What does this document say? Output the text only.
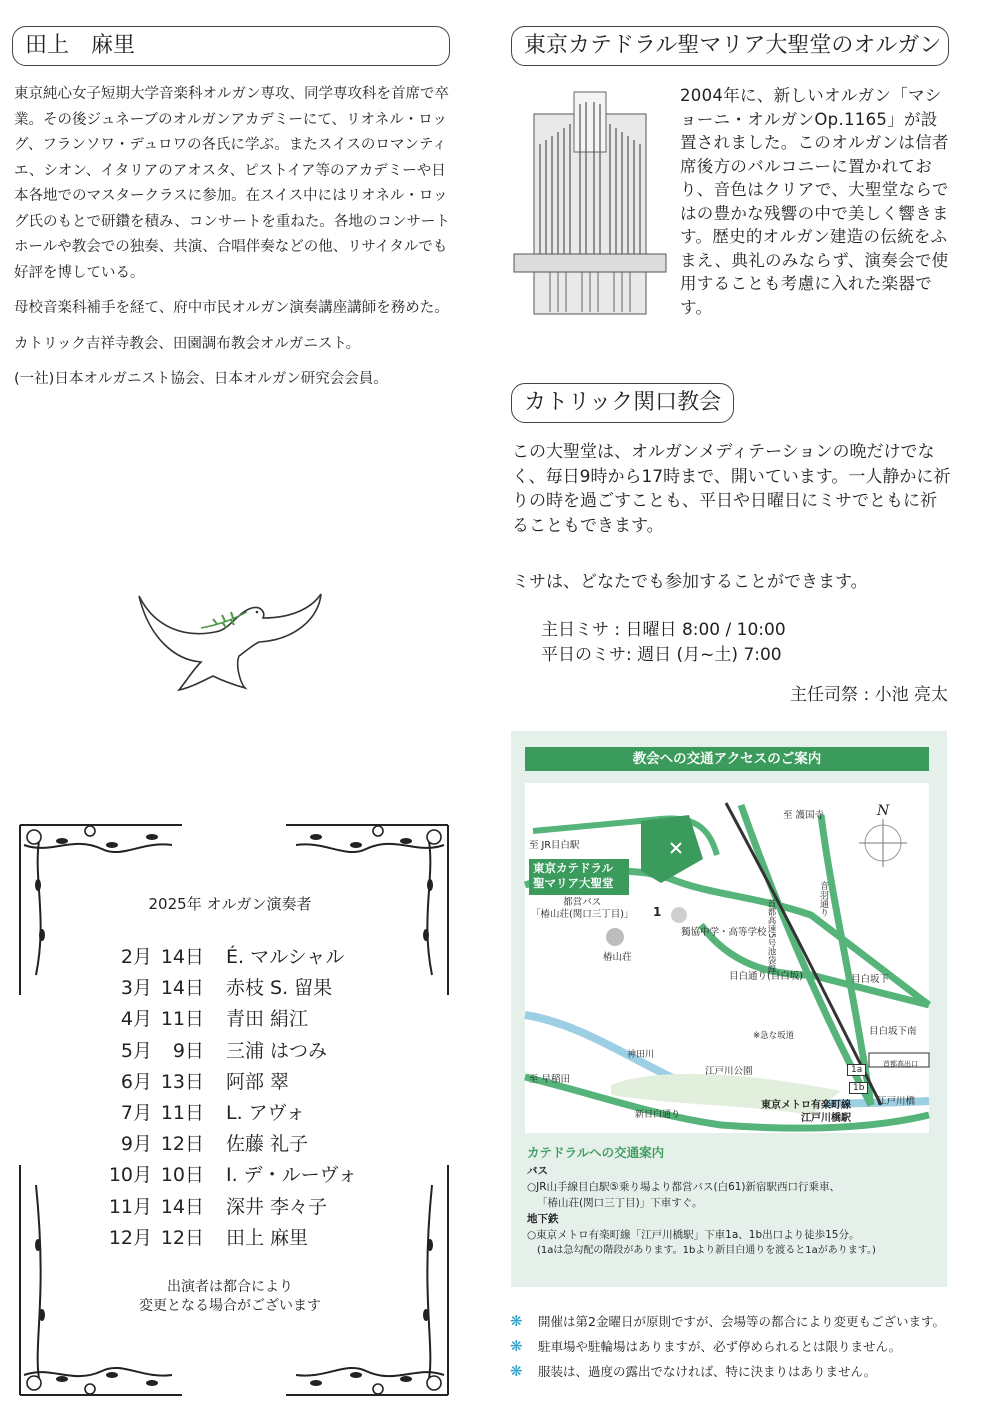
田上　麻里

東京純心女子短期大学音楽科オルガン専攻、同学専攻科を首席で卒業。その後ジュネーブのオルガンアカデミーにて、リオネル・ロッグ、フランソワ・デュロワの各氏に学ぶ。またスイスのロマンティエ、シオン、イタリアのアオスタ、ピストイア等のアカデミーや日本各地でのマスタークラスに参加。在スイス中にはリオネル・ロッグ氏のもとで研鑽を積み、コンサートを重ねた。各地のコンサートホールや教会での独奏、共演、合唱伴奏などの他、リサイタルでも好評を博している。

母校音楽科補手を経て、府中市民オルガン演奏講座講師を務めた。

カトリック吉祥寺教会、田園調布教会オルガニスト。

(一社)日本オルガニスト協会、日本オルガン研究会会員。

東京カテドラル聖マリア大聖堂のオルガン
2004年に、新しいオルガン「マショーニ・オルガンOp.1165」が設置されました。このオルガンは信者席後方のバルコニーに置かれており、音色はクリアで、大聖堂ならではの豊かな残響の中で美しく響きます。歴史的オルガン建造の伝統をふまえ、典礼のみならず、演奏会で使用することも考慮に入れた楽器です。
カトリック関口教会

この大聖堂は、オルガンメディテーションの晩だけでなく、毎日9時から17時まで、開いています。一人静かに祈りの時を過ごすことも、平日や日曜日にミサでともに祈ることもできます。

ミサは、どなたでも参加することができます。

主日ミサ : 日曜日 8:00 / 10:00
平日のミサ: 週日 (月~土) 7:00
主任司祭 : 小池 亮太
教会への交通アクセスのご案内
至 JR目白駅
至 護国寺
至 早稲田
東京カテドラル
聖マリア大聖堂
都営バス
「椿山荘(関口三丁目)」
獨協中学・高等学校
椿山荘
目白通り(目白坂)	目白坂下
目白坂下南
※急な坂道
音羽通り
首都高速5号池袋線
神田川
江戸川公園
江戸川橋
新目白通り
東京メトロ有楽町線
江戸川橋駅
1a
1b
1
首都高出口
N
カテドラルへの交通案内
バス
○JR山手線目白駅⑤乗り場より都営バス(白61)新宿駅西口行乗車、
「椿山荘(関口三丁目)」下車すぐ。
地下鉄
○東京メトロ有楽町線「江戸川橋駅」下車1a、1b出口より徒歩15分。
(1aは急勾配の階段があります。1bより新目白通りを渡ると1aがあります。)
❋	開催は第2金曜日が原則ですが、会場等の都合により変更もございます。
❋	駐車場や駐輪場はありますが、必ず停められるとは限りません。
❋	服装は、過度の露出でなければ、特に決まりはありません。
2025年 オルガン演奏者
2月 14日 É. マルシャル
3月 14日 赤枝 S. 留果
4月 11日 青田 絹江
5月	9日 三浦 はつみ
6月 13日 阿部 翠
7月 11日 L. アヴォ
9月 12日 佐藤 礼子
10月 10日 I. デ・ルーヴォ
11月 14日 深井 李々子
12月 12日 田上 麻里
出演者は都合により
変更となる場合がございます
